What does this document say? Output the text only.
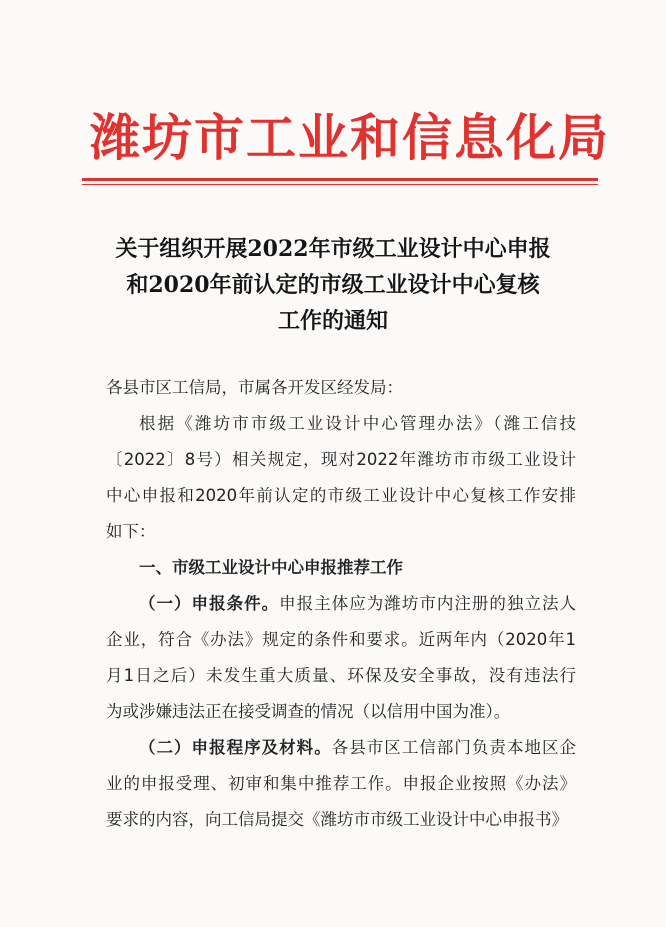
潍坊市工业和信息化局
关于组织开展2022年市级工业设计中心申报
和2020年前认定的市级工业设计中心复核
工作的通知
各县市区工信局，市属各开发区经发局：
根据《潍坊市市级工业设计中心管理办法》（潍工信技
〔2022〕8号）相关规定，现对2022年潍坊市市级工业设计
中心申报和2020年前认定的市级工业设计中心复核工作安排
如下：
一、市级工业设计中心申报推荐工作
（一）申报条件。申报主体应为潍坊市内注册的独立法人
企业，符合《办法》规定的条件和要求。近两年内（2020年1
月1日之后）未发生重大质量、环保及安全事故，没有违法行
为或涉嫌违法正在接受调查的情况（以信用中国为准）。
（二）申报程序及材料。各县市区工信部门负责本地区企
业的申报受理、初审和集中推荐工作。申报企业按照《办法》
要求的内容，向工信局提交《潍坊市市级工业设计中心申报书》
